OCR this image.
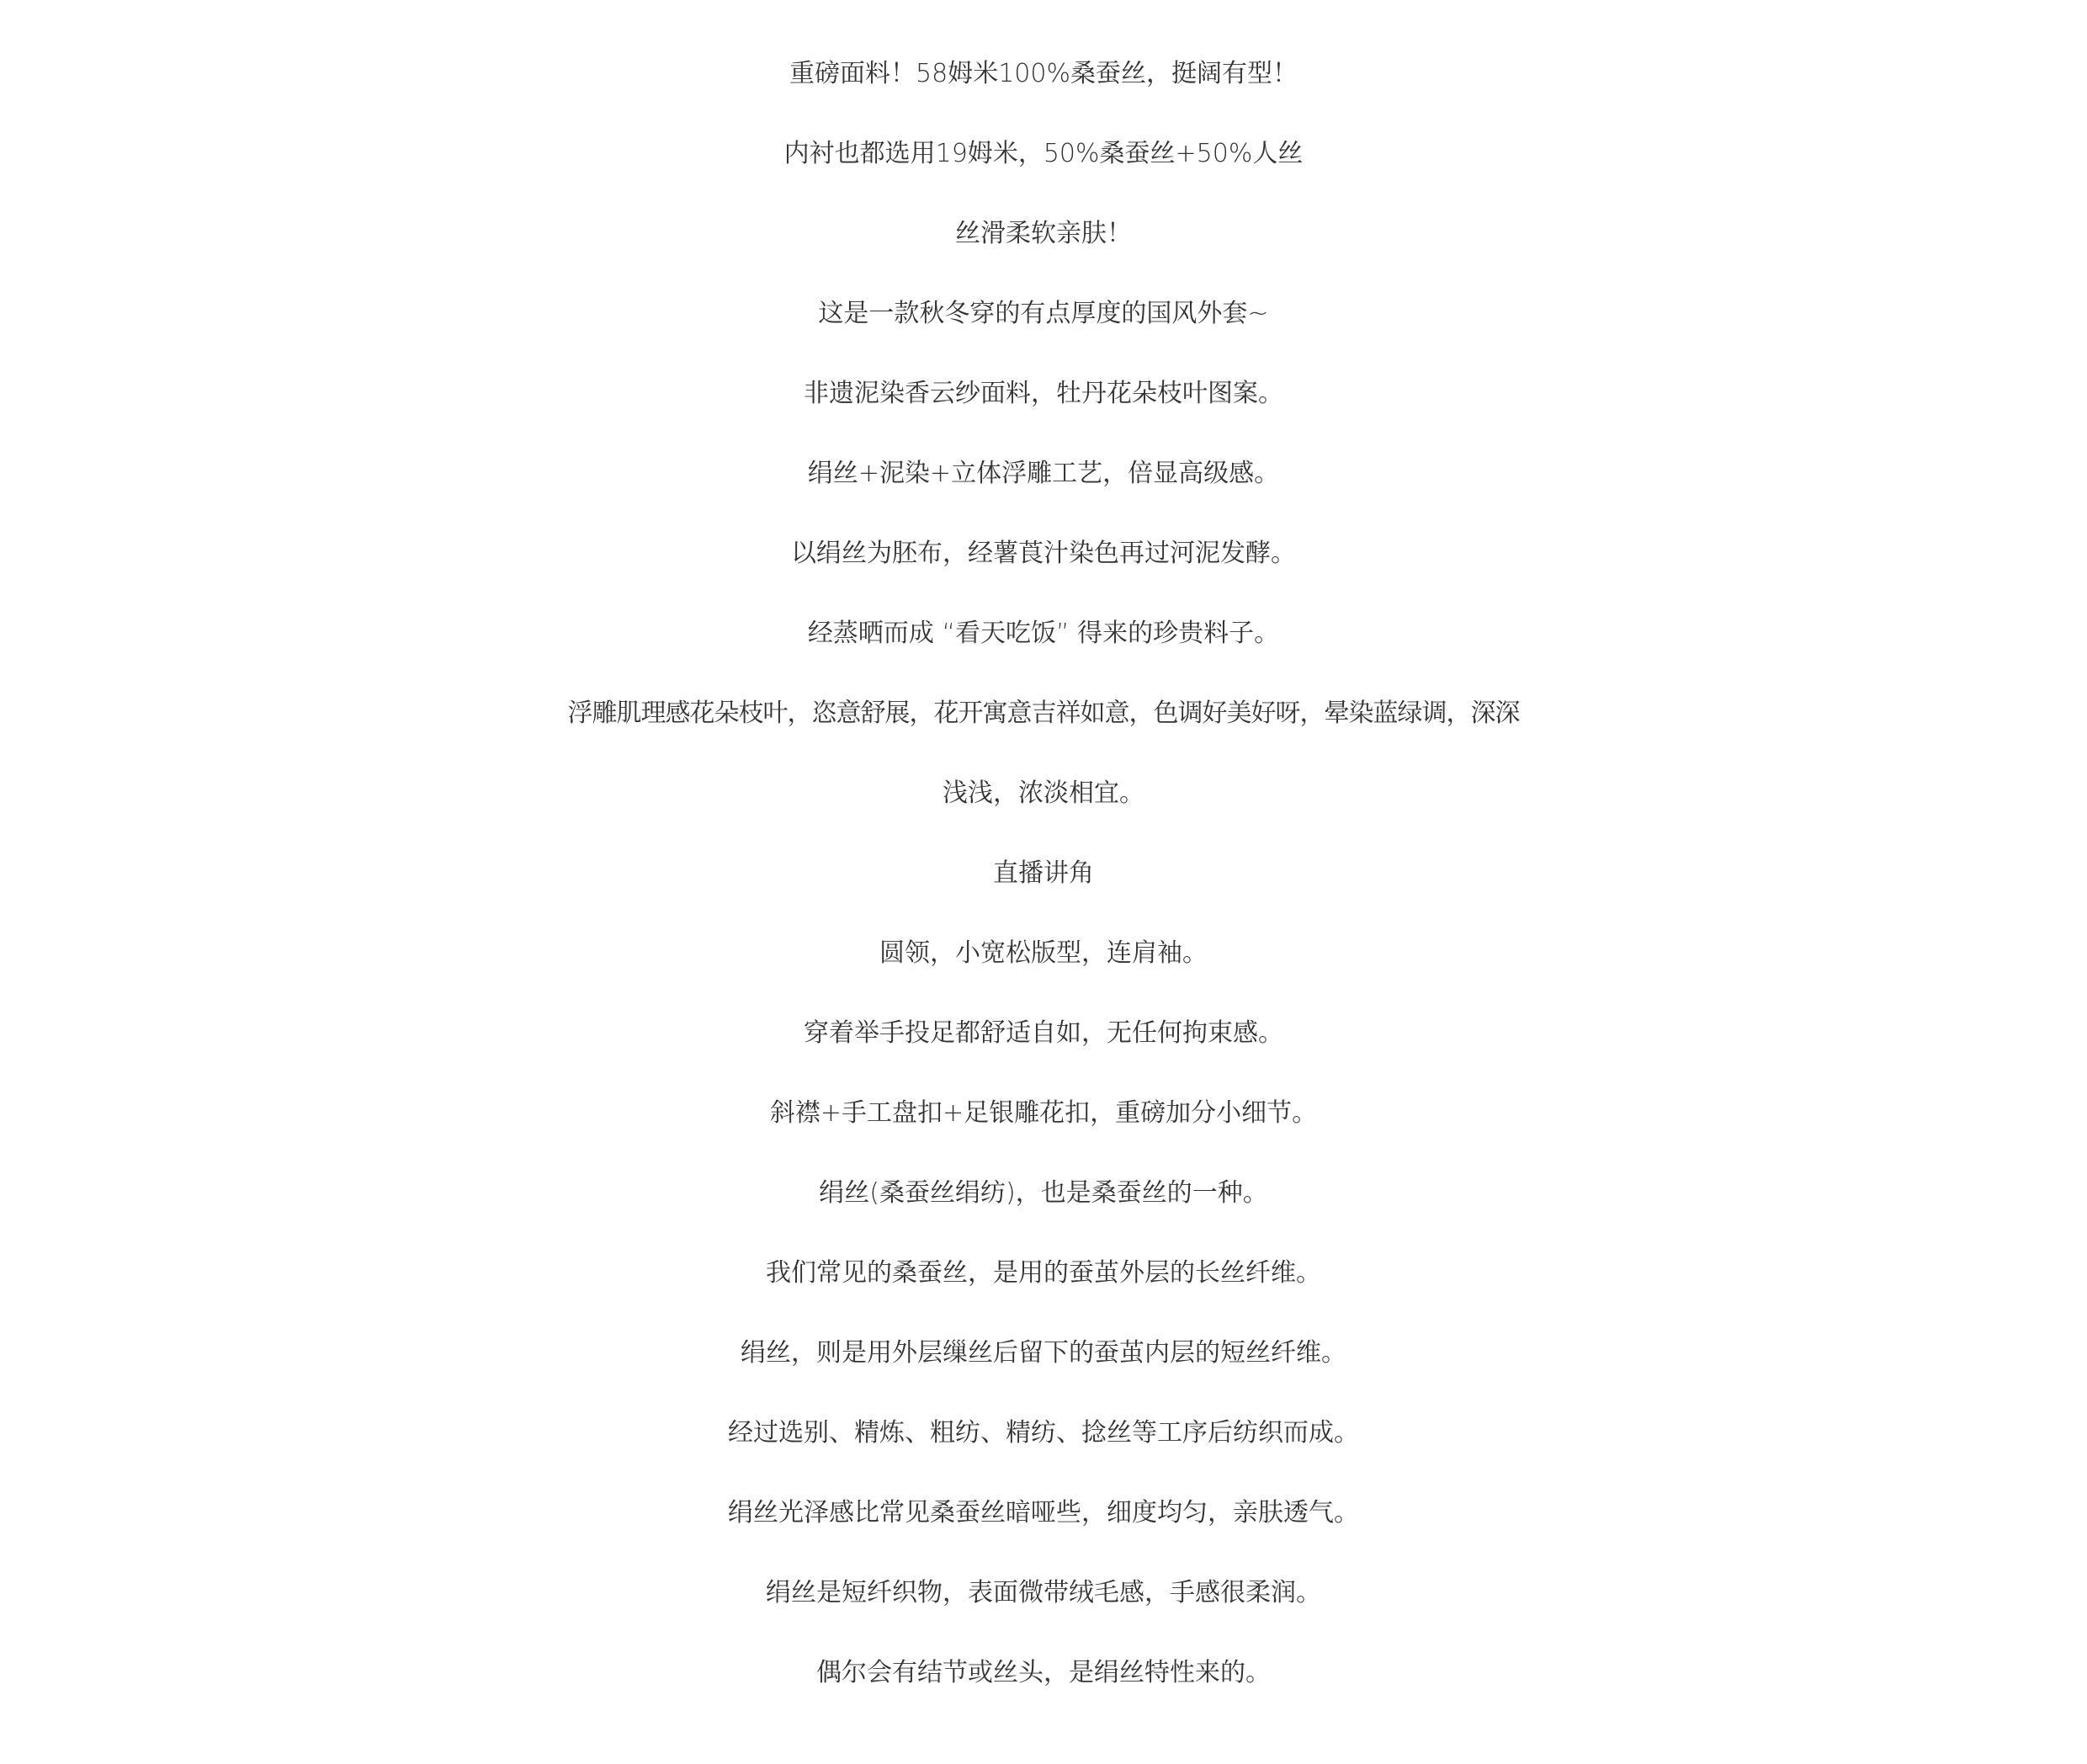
重磅面料！58姆米100%桑蚕丝，挺阔有型！
内衬也都选用19姆米，50%桑蚕丝+50%人丝
丝滑柔软亲肤！
这是一款秋冬穿的有点厚度的国风外套~
非遗泥染香云纱面料，牡丹花朵枝叶图案。
绢丝+泥染+立体浮雕工艺，倍显高级感。
以绢丝为胚布，经薯莨汁染色再过河泥发酵。
经蒸晒而成 “看天吃饭” 得来的珍贵料子。
浮雕肌理感花朵枝叶，恣意舒展，花开寓意吉祥如意，色调好美好呀，晕染蓝绿调，深深
浅浅，浓淡相宜。
直播讲角
圆领，小宽松版型，连肩袖。
穿着举手投足都舒适自如，无任何拘束感。
斜襟+手工盘扣+足银雕花扣，重磅加分小细节。
绢丝(桑蚕丝绢纺)，也是桑蚕丝的一种。
我们常见的桑蚕丝，是用的蚕茧外层的长丝纤维。
绢丝，则是用外层缫丝后留下的蚕茧内层的短丝纤维。
经过选别、精炼、粗纺、精纺、捻丝等工序后纺织而成。
绢丝光泽感比常见桑蚕丝暗哑些，细度均匀，亲肤透气。
绢丝是短纤织物，表面微带绒毛感，手感很柔润。
偶尔会有结节或丝头，是绢丝特性来的。
